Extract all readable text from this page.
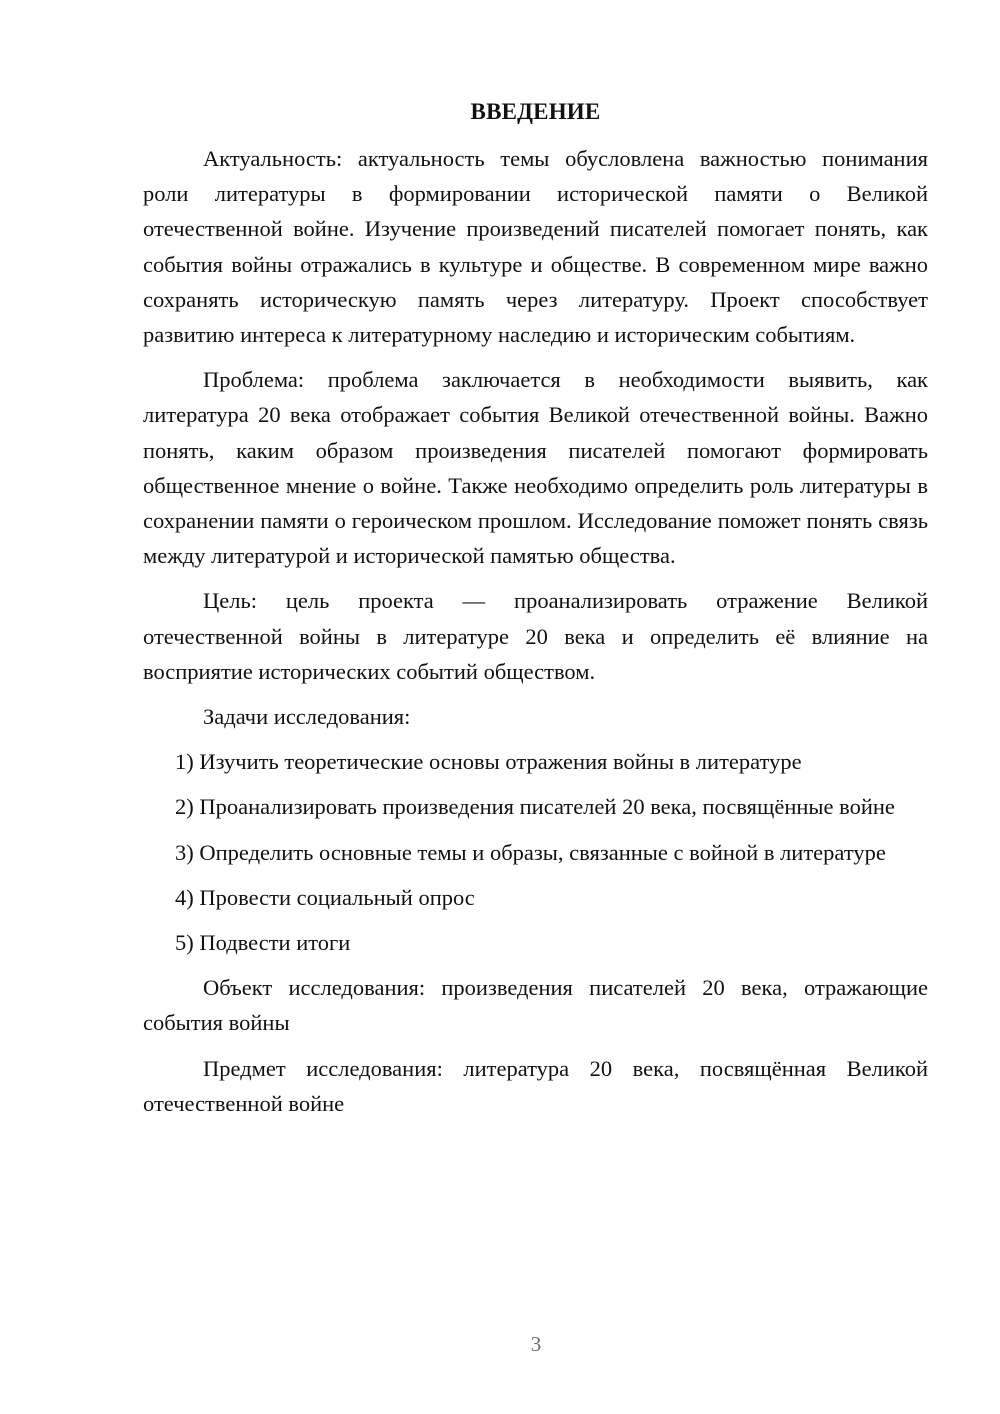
ВВЕДЕНИЕ

Актуальность: актуальность темы обусловлена важностью понимания роли литературы в формировании исторической памяти о Великой отечественной войне. Изучение произведений писателей помогает понять, как события войны отражались в культуре и обществе. В современном мире важно сохранять историческую память через литературу. Проект способствует развитию интереса к литературному наследию и историческим событиям.

Проблема: проблема заключается в необходимости выявить, как литература 20 века отображает события Великой отечественной войны. Важно понять, каким образом произведения писателей помогают формировать общественное мнение о войне. Также необходимо определить роль литературы в сохранении памяти о героическом прошлом. Исследование поможет понять связь между литературой и исторической памятью общества.

Цель: цель проекта — проанализировать отражение Великой отечественной войны в литературе 20 века и определить её влияние на восприятие исторических событий обществом.

Задачи исследования:

1) Изучить теоретические основы отражения войны в литературе

2) Проанализировать произведения писателей 20 века, посвящённые войне

3) Определить основные темы и образы, связанные с войной в литературе

4) Провести социальный опрос

5) Подвести итоги

Объект исследования: произведения писателей 20 века, отражающие события войны

Предмет исследования: литература 20 века, посвящённая Великой отечественной войне

3
